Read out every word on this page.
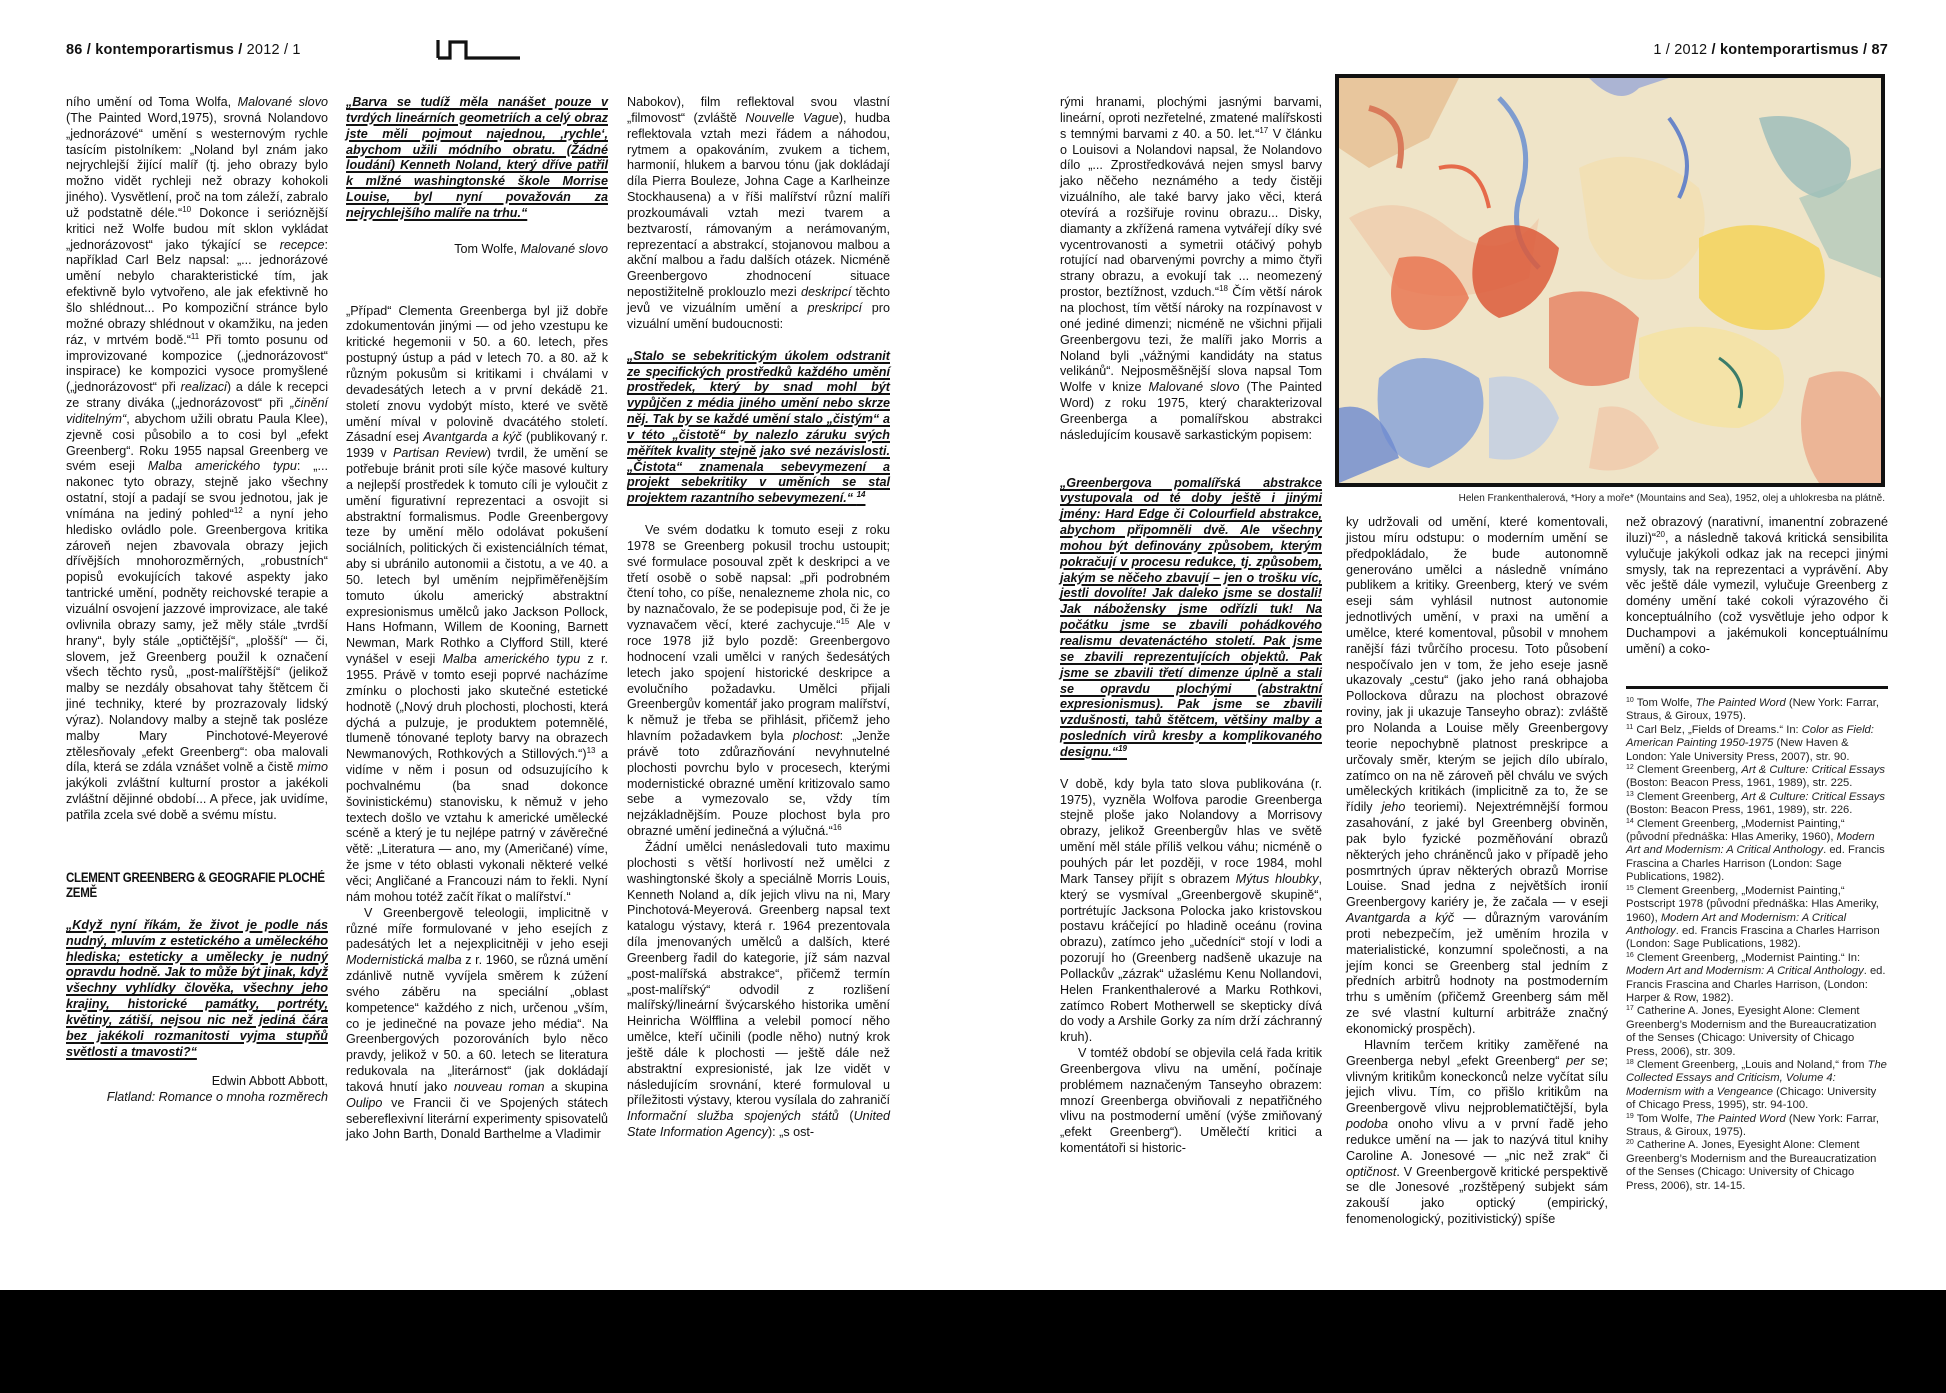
86 / kontemporartismus / 2012 / 1	1 / 2012 / kontemporartismus / 87

ního umění od Toma Wolfa, Malované slovo (The Painted Word,1975), srovná Nolandovo „jednorázové“ umění s westernovým rychle tasícím pistolníkem: „Noland byl znám jako nejrychlejší žijící malíř (tj. jeho obrazy bylo možno vidět rychleji než obrazy kohokoli jiného). Vysvětlení, proč na tom záleží, zabralo už podstatně déle.“$^{10}$ Dokonce i serióznější kritici než Wolfe budou mít sklon vykládat „jednorázovost“ jako týkající se recepce: například Carl Belz napsal: „... jednorázové umění nebylo charakteristické tím, jak efektivně bylo vytvořeno, ale jak efektivně ho šlo shlédnout... Po kompoziční stránce bylo možné obrazy shlédnout v okamžiku, na jeden ráz, v mrtvém bodě.“$^{11}$ Při tomto posunu od improvizované kompozice („jednorázovost“ inspirace) ke kompozici vysoce promyšlené („jednorázovost“ při realizaci) a dále k recepci ze strany diváka („jednorázovost“ při „činění viditelným“, abychom užili obratu Paula Klee), zjevně cosi působilo a to cosi byl „efekt Greenberg“. Roku 1955 napsal Greenberg ve svém eseji Malba amerického typu: „... nakonec tyto obrazy, stejně jako všechny ostatní, stojí a padají se svou jednotou, jak je vnímána na jediný pohled“$^{12}$ a nyní jeho hledisko ovládlo pole. Greenbergova kritika zároveň nejen zbavovala obrazy jejich dřívějších mnohorozměrných, „robustních“ popisů evokujících takové aspekty jako tantrické umění, podněty reichovské terapie a vizuální osvojení jazzové improvizace, ale také ovlivnila obrazy samy, jež měly stále „tvrdší hrany“, byly stále „optičtější“, „plošší“ — či, slovem, jež Greenberg použil k označení všech těchto rysů, „post-malířštější“ (jelikož malby se nezdály obsahovat tahy štětcem či jiné techniky, které by prozrazovaly lidský výraz). Nolandovy malby a stejně tak posléze malby Mary Pinchotové-Meyerové ztělesňovaly „efekt Greenberg“: oba malovali díla, která se zdála vznášet volně a čistě mimo jakýkoli zvláštní kulturní prostor a jakékoli zvláštní dějinné období... A přece, jak uvidíme, patřila zcela své době a svému místu.

CLEMENT GREENBERG & GEOGRAFIE PLOCHÉ ZEMĚ

„Když nyní říkám, že život je podle nás nudný, mluvím z estetického a uměleckého hlediska; esteticky a umělecky je nudný opravdu hodně. Jak to může být jinak, když všechny vyhlídky člověka, všechny jeho krajiny, historické památky, portréty, květiny, zátiší, nejsou nic než jediná čára bez jakékoli rozmanitosti vyjma stupňů světlosti a tmavosti?“

Edwin Abbott Abbott,
Flatland: Romance o mnoha rozměrech

„Barva se tudíž měla nanášet pouze v tvrdých lineárních geometriích a celý obraz jste měli pojmout najednou, ‚rychle‘, abychom užili módního obratu. (Žádné loudání) Kenneth Noland, který dříve patřil k mlžné washingtonské škole Morrise Louise, byl nyní považován za nejrychlejšího malíře na trhu.“

Tom Wolfe, Malované slovo

„Případ“ Clementa Greenberga byl již dobře zdokumentován jinými — od jeho vzestupu ke kritické hegemonii v 50. a 60. letech, přes postupný ústup a pád v letech 70. a 80. až k různým pokusům si kritikami i chválami v devadesátých letech a v první dekádě 21. století znovu vydobýt místo, které ve světě umění míval v polovině dvacátého století. Zásadní esej Avantgarda a kýč (publikovaný r. 1939 v Partisan Review) tvrdil, že umění se potřebuje bránit proti síle kýče masové kultury a nejlepší prostředek k tomuto cíli je vyloučit z umění figurativní reprezentaci a osvojit si abstraktní formalismus. Podle Greenbergovy teze by umění mělo odolávat pokušení sociálních, politických či existenciálních témat, aby si ubránilo autonomii a čistotu, a ve 40. a 50. letech byl uměním nejpřiměřenějším tomuto úkolu americký abstraktní expresionismus umělců jako Jackson Pollock, Hans Hofmann, Willem de Kooning, Barnett Newman, Mark Rothko a Clyfford Still, které vynášel v eseji Malba amerického typu z r. 1955. Právě v tomto eseji poprvé nacházíme zmínku o plochosti jako skutečné estetické hodnotě („Nový druh plochosti, plochosti, která dýchá a pulzuje, je produktem potemnělé, tlumeně tónované teploty barvy na obrazech Newmanových, Rothkových a Stillových.“)$^{13}$ a vidíme v něm i posun od odsuzujícího k pochvalnému (ba snad dokonce šovinistickému) stanovisku, k němuž v jeho textech došlo ve vztahu k americké umělecké scéně a který je tu nejlépe patrný v závěrečné větě: „Literatura — ano, my (Američané) víme, že jsme v této oblasti vykonali některé velké věci; Angličané a Francouzi nám to řekli. Nyní nám mohou totéž začít říkat o malířství.“

V Greenbergově teleologii, implicitně v různé míře formulované v jeho esejích z padesátých let a nejexplicitněji v jeho eseji Modernistická malba z r. 1960, se různá umění zdánlivě nutně vyvíjela směrem k zúžení svého záběru na speciální „oblast kompetence“ každého z nich, určenou „vším, co je jedinečné na povaze jeho média“. Na Greenbergových pozorováních bylo něco pravdy, jelikož v 50. a 60. letech se literatura redukovala na „literárnost“ (jak dokládají taková hnutí jako nouveau roman a skupina Oulipo ve Francii či ve Spojených státech sebereflexivní literární experimenty spisovatelů jako John Barth, Donald Barthelme a Vladimir

Nabokov), film reflektoval svou vlastní „filmovost“ (zvláště Nouvelle Vague), hudba reflektovala vztah mezi řádem a náhodou, rytmem a opakováním, zvukem a tichem, harmonií, hlukem a barvou tónu (jak dokládají díla Pierra Bouleze, Johna Cage a Karlheinze Stockhausena) a v říši malířství různí malíři prozkoumávali vztah mezi tvarem a beztvarostí, rámovaným a nerámovaným, reprezentací a abstrakcí, stojanovou malbou a akční malbou a řadu dalších otázek. Nicméně Greenbergovo zhodnocení situace nepostižitelně proklouzlo mezi deskripcí těchto jevů ve vizuálním umění a preskripcí pro vizuální umění budoucnosti:

„Stalo se sebekritickým úkolem odstranit ze specifických prostředků každého umění prostředek, který by snad mohl být vypůjčen z média jiného umění nebo skrze něj. Tak by se každé umění stalo „čistým“ a v této „čistotě“ by nalezlo záruku svých měřítek kvality stejně jako své nezávislosti. „Čistota“ znamenala sebevymezení a projekt sebekritiky v uměních se stal projektem razantního sebevymezení.“ $^{14}$

Ve svém dodatku k tomuto eseji z roku 1978 se Greenberg pokusil trochu ustoupit; své formulace posouval zpět k deskripci a ve třetí osobě o sobě napsal: „při podrobném čtení toho, co píše, nenalezneme zhola nic, co by naznačovalo, že se podepisuje pod, či že je vyznavačem věcí, které zachycuje.“$^{15}$ Ale v roce 1978 již bylo pozdě: Greenbergovo hodnocení vzali umělci v raných šedesátých letech jako spojení historické deskripce a evolučního požadavku. Umělci přijali Greenbergův komentář jako program malířství, k němuž je třeba se přihlásit, přičemž jeho hlavním požadavkem byla plochost: „Jenže právě toto zdůrazňování nevyhnutelné plochosti povrchu bylo v procesech, kterými modernistické obrazné umění kritizovalo samo sebe a vymezovalo se, vždy tím nejzákladnějším. Pouze plochost byla pro obrazné umění jedinečná a výlučná.“$^{16}$

Žádní umělci nenásledovali tuto maximu plochosti s větší horlivostí než umělci z washingtonské školy a speciálně Morris Louis, Kenneth Noland a, dík jejich vlivu na ni, Mary Pinchotová-Meyerová. Greenberg napsal text katalogu výstavy, která r. 1964 prezentovala díla jmenovaných umělců a dalších, které Greenberg řadil do kategorie, jíž sám nazval „post-malířská abstrakce“, přičemž termín „post-malířský“ odvodil z rozlišení malířský/lineární švýcarského historika umění Heinricha Wölfflina a velebil pomocí něho umělce, kteří učinili (podle něho) nutný krok ještě dále k plochosti — ještě dále než abstraktní expresionisté, jak lze vidět v následujícím srovnání, které formuloval u příležitosti výstavy, kterou vysílala do zahraničí Informační služba spojených států (United State Information Agency): „s ost-

rými hranami, plochými jasnými barvami, lineární, oproti nezřetelné, zmatené malířskosti s temnými barvami z 40. a 50. let.“$^{17}$ V článku o Louisovi a Nolandovi napsal, že Nolandovo dílo „... Zprostředkovává nejen smysl barvy jako něčeho neznámého a tedy čistěji vizuálního, ale také barvy jako věci, která otevírá a rozšiřuje rovinu obrazu... Disky, diamanty a zkřížená ramena vytvářejí díky své vycentrovanosti a symetrii otáčivý pohyb rotující nad obarvenými povrchy a mimo čtyři strany obrazu, a evokují tak ... neomezený prostor, beztížnost, vzduch.“$^{18}$ Čím větší nárok na plochost, tím větší nároky na rozpínavost v oné jediné dimenzi; nicméně ne všichni přijali Greenbergovu tezi, že malíři jako Morris a Noland byli „vážnými kandidáty na status velikánů“. Nejposměšnější slova napsal Tom Wolfe v knize Malované slovo (The Painted Word) z roku 1975, který charakterizoval Greenberga a pomalířskou abstrakci následujícím kousavě sarkastickým popisem:

„Greenbergova pomalířská abstrakce vystupovala od té doby ještě i jinými jmény: Hard Edge či Colourfield abstrakce, abychom připomněli dvě. Ale všechny mohou být definovány způsobem, kterým pokračují v procesu redukce, tj. způsobem, jakým se něčeho zbavují – jen o trošku víc, jestli dovolíte! Jak daleko jsme se dostali! Jak nábožensky jsme odřízli tuk! Na počátku jsme se zbavili pohádkového realismu devatenáctého století. Pak jsme se zbavili reprezentujících objektů. Pak jsme se zbavili třetí dimenze úplně a stali se opravdu plochými (abstraktní expresionismus). Pak jsme se zbavili vzdušnosti, tahů štětcem, většiny malby a posledních virů kresby a komplikovaného designu.“$^{19}$

V době, kdy byla tato slova publikována (r. 1975), vyzněla Wolfova parodie Greenberga stejně ploše jako Nolandovy a Morrisovy obrazy, jelikož Greenbergův hlas ve světě umění měl stále příliš velkou váhu; nicméně o pouhých pár let později, v roce 1984, mohl Mark Tansey přijít s obrazem Mýtus hloubky, který se vysmíval „Greenbergově skupině“, portrétujíc Jacksona Polocka jako kristovskou postavu kráčející po hladině oceánu (rovina obrazu), zatímco jeho „učedníci“ stojí v lodi a pozorují ho (Greenberg nadšeně ukazuje na Pollackův „zázrak“ užaslému Kenu Nollandovi, Helen Frankenthalerové a Marku Rothkovi, zatímco Robert Motherwell se skepticky dívá do vody a Arshile Gorky za ním drží záchranný kruh).

V tomtéž období se objevila celá řada kritik Greenbergova vlivu na umění, počínaje problémem naznačeným Tanseyho obrazem: mnozí Greenberga obviňovali z nepatřičného vlivu na postmoderní umění (výše zmiňovaný „efekt Greenberg“). Umělečtí kritici a komentátoři si historic-

Helen Frankenthalerová, *Hory a moře* (Mountains and Sea), 1952, olej a uhlokresba na plátně.

ky udržovali od umění, které komentovali, jistou míru odstupu: o moderním umění se předpokládalo, že bude autonomně generováno umělci a následně vnímáno publikem a kritiky. Greenberg, který ve svém eseji sám vyhlásil nutnost autonomie jednotlivých umění, v praxi na umění a umělce, které komentoval, působil v mnohem ranější fázi tvůrčího procesu. Toto působení nespočívalo jen v tom, že jeho eseje jasně ukazovaly „cestu“ (jako jeho raná obhajoba Pollockova důrazu na plochost obrazové roviny, jak ji ukazuje Tanseyho obraz): zvláště pro Nolanda a Louise měly Greenbergovy teorie nepochybně platnost preskripce a určovaly směr, kterým se jejich dílo ubíralo, zatímco on na ně zároveň pěl chválu ve svých uměleckých kritikách (implicitně za to, že se řídily jeho teoriemi). Nejextrémnější formou zasahování, z jaké byl Greenberg obviněn, pak bylo fyzické pozměňování obrazů některých jeho chráněnců jako v případě jeho posmrtných úprav některých obrazů Morrise Louise. Snad jedna z největších ironií Greenbergovy kariéry je, že začala — v eseji Avantgarda a kýč — důrazným varováním proti nebezpečím, jež uměním hrozila v materialistické, konzumní společnosti, a na jejím konci se Greenberg stal jedním z předních arbitrů hodnoty na postmoderním trhu s uměním (přičemž Greenberg sám měl ze své vlastní kulturní arbitráže značný ekonomický prospěch).

Hlavním terčem kritiky zaměřené na Greenberga nebyl „efekt Greenberg“ per se; vlivným kritikům koneckonců nelze vyčítat sílu jejich vlivu. Tím, co přišlo kritikům na Greenbergově vlivu nejproblematičtější, byla podoba onoho vlivu a v první řadě jeho redukce umění na — jak to nazývá titul knihy Caroline A. Jonesové — „nic než zrak“ či optičnost. V Greenbergově kritické perspektivě se dle Jonesové „rozštěpený subjekt sám zakouší jako optický (empirický, fenomenologický, pozitivistický) spíše

než obrazový (narativní, imanentní zobrazené iluzi)“$^{20}$, a následně taková kritická sensibilita vylučuje jakýkoli odkaz jak na recepci jinými smysly, tak na reprezentaci a vyprávění. Aby věc ještě dále vymezil, vylučuje Greenberg z domény umění také cokoli výrazového či konceptuálního (což vysvětluje jeho odpor k Duchampovi a jakémukoli konceptuálnímu umění) a coko-

$^{10}$ Tom Wolfe, The Painted Word (New York: Farrar, Straus, & Giroux, 1975).

$^{11}$ Carl Belz, „Fields of Dreams.“ In: Color as Field: American Painting 1950-1975 (New Haven & London: Yale University Press, 2007), str. 90.

$^{12}$ Clement Greenberg, Art & Culture: Critical Essays (Boston: Beacon Press, 1961, 1989), str. 225.

$^{13}$ Clement Greenberg, Art & Culture: Critical Essays (Boston: Beacon Press, 1961, 1989), str. 226.

$^{14}$ Clement Greenberg, „Modernist Painting,“ (původní přednáška: Hlas Ameriky, 1960), Modern Art and Modernism: A Critical Anthology. ed. Francis Frascina a Charles Harrison (London: Sage Publications, 1982).

$^{15}$ Clement Greenberg, „Modernist Painting,“ Postscript 1978 (původní přednáška: Hlas Ameriky, 1960), Modern Art and Modernism: A Critical Anthology. ed. Francis Frascina a Charles Harrison (London: Sage Publications, 1982).

$^{16}$ Clement Greenberg, „Modernist Painting.“ In: Modern Art and Modernism: A Critical Anthology. ed. Francis Frascina and Charles Harrison, (London: Harper & Row, 1982).

$^{17}$ Catherine A. Jones, Eyesight Alone: Clement Greenberg’s Modernism and the Bureaucratization of the Senses (Chicago: University of Chicago Press, 2006), str. 309.

$^{18}$ Clement Greenberg, „Louis and Noland,“ from The Collected Essays and Criticism, Volume 4: Modernism with a Vengeance (Chicago: University of Chicago Press, 1995), str. 94-100.

$^{19}$ Tom Wolfe, The Painted Word (New York: Farrar, Straus, & Giroux, 1975).

$^{20}$ Catherine A. Jones, Eyesight Alone: Clement Greenberg’s Modernism and the Bureaucratization of the Senses (Chicago: University of Chicago Press, 2006), str. 14-15.
